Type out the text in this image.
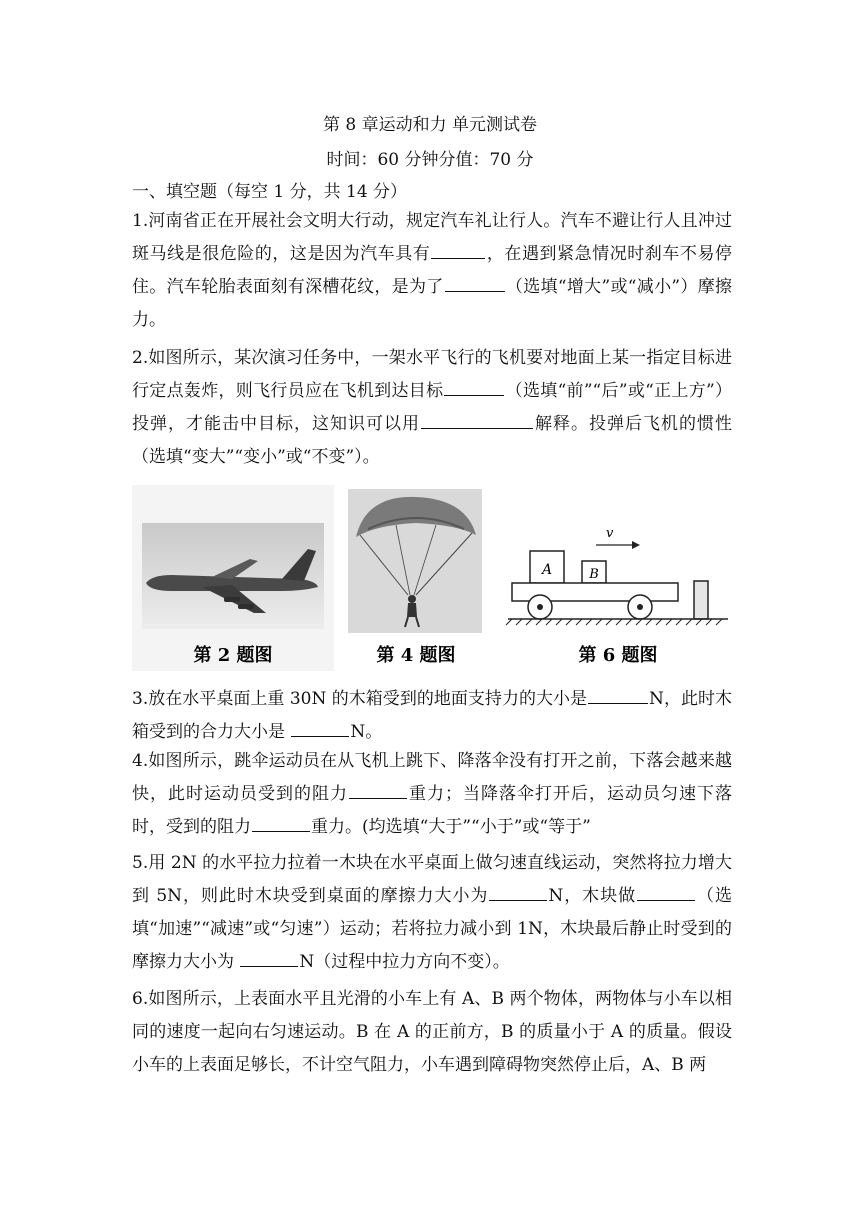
第 8 章运动和力 单元测试卷
时间：60 分钟分值：70 分
一、填空题（每空 1 分，共 14 分）
1.河南省正在开展社会文明大行动，规定汽车礼让行人。汽车不避让行人且冲过斑马线是很危险的，这是因为汽车具有	，在遇到紧急情况时刹车不易停住。汽车轮胎表面刻有深槽花纹，是为了	（选填“增大”或“减小”）摩擦力。
2.如图所示，某次演习任务中，一架水平飞行的飞机要对地面上某一指定目标进行定点轰炸，则飞行员应在飞机到达目标	（选填“前”“后”或“正上方”）投弹，才能击中目标，这知识可以用	解释。投弹后飞机的惯性（选填“变大”“变小”或“不变”）。
第 2 题图	第 4 题图
v
A	B
第 6 题图
3.放在水平桌面上重 30N 的木箱受到的地面支持力的大小是	N，此时木箱受到的合力大小是	N。
4.如图所示，跳伞运动员在从飞机上跳下、降落伞没有打开之前，下落会越来越快，此时运动员受到的阻力	重力；当降落伞打开后，运动员匀速下落时，受到的阻力	重力。(均选填“大于”“小于”或“等于”
5.用 2N 的水平拉力拉着一木块在水平桌面上做匀速直线运动，突然将拉力增大到 5N，则此时木块受到桌面的摩擦力大小为	N，木块做	（选填“加速”“减速”或“匀速”）运动；若将拉力减小到 1N，木块最后静止时受到的摩擦力大小为	N（过程中拉力方向不变）。
6.如图所示，上表面水平且光滑的小车上有 A、B 两个物体，两物体与小车以相同的速度一起向右匀速运动。B 在 A 的正前方，B 的质量小于 A 的质量。假设小车的上表面足够长，不计空气阻力，小车遇到障碍物突然停止后，A、B 两
